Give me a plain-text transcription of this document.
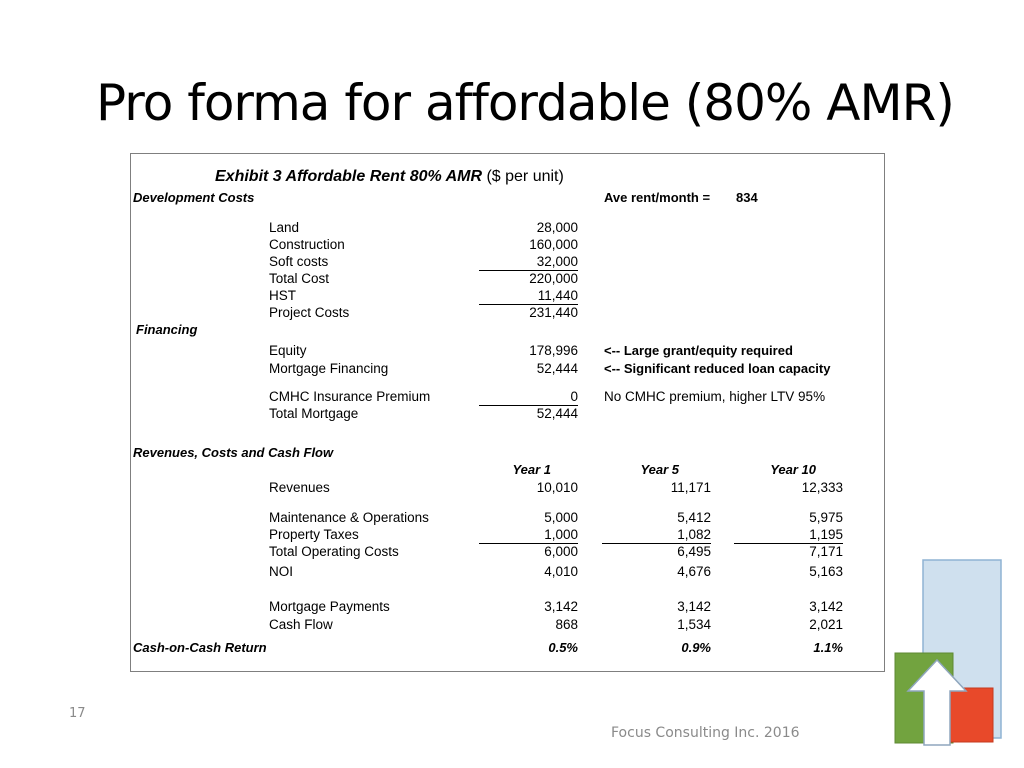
Pro forma for affordable (80% AMR)
Exhibit 3 Affordable Rent 80% AMR ($ per unit)
Development Costs	Ave rent/month = 834
Land	28,000
Construction	160,000
Soft costs	32,000
Total Cost	220,000
HST	11,440
Project Costs	231,440
Financing
Equity	178,996 <-- Large grant/equity required
Mortgage Financing	52,444 <-- Significant reduced loan capacity
CMHC Insurance Premium	0 No CMHC premium, higher LTV 95%
Total Mortgage	52,444
Revenues, Costs and Cash Flow
Year 1	Year 5	Year 10
Revenues	10,010	11,171	12,333
Maintenance & Operations	5,000	5,412	5,975
Property Taxes	1,000	1,082	1,195
Total Operating Costs	6,000	6,495	7,171
NOI	4,010	4,676	5,163
Mortgage Payments	3,142	3,142	3,142
Cash Flow	868	1,534	2,021
Cash-on-Cash Return	0.5%	0.9%	1.1%
17
Focus Consulting Inc. 2016
